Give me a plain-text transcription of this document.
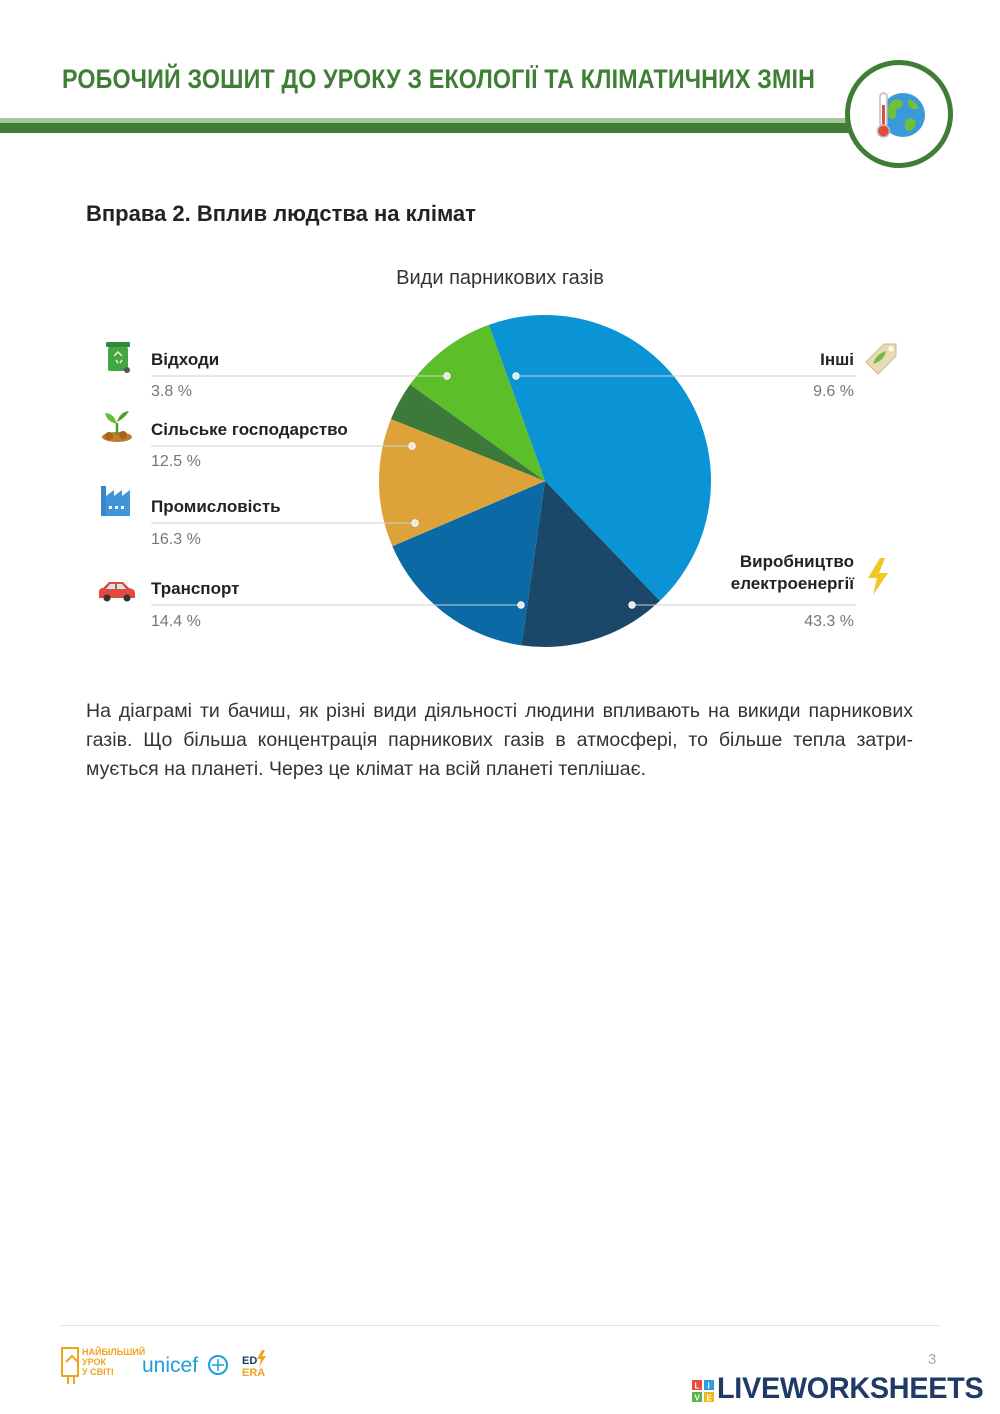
РОБОЧИЙ ЗОШИТ ДО УРОКУ З ЕКОЛОГІЇ ТА КЛІМАТИЧНИХ ЗМІН
Вправа 2. Вплив людства на клімат
Види парникових газів
Виробництво
електроенергії
43.3 %
Транспорт
14.4 %
Промисловість
16.3 %
Сільське господарство
12.5 %
Відходи
3.8 %
Інші
9.6 %
На діаграмі ти бачиш, як різні види діяльності людини впливають на викиди парникових газів. Що більша концентрація парникових газів в атмосфері, то більше тепла затри-мується на планеті. Через це клімат на всій планеті теплішає.
НАЙБІЛЬШИЙ
УРОК
У СВІТІ unicef	ED
ERA
3
L I
V E LIVEWORKSHEETS
